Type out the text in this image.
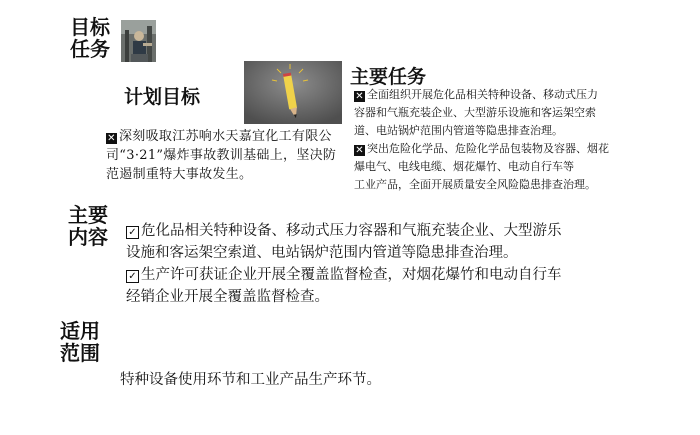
目标
任务
主要
内容
适用
范围
计划目标
✕ 深刻吸取江苏响水天嘉宜化工有限公司“3·21”爆炸事故教训基础上，坚决防范遏制重特大事故发生。
主要任务
✕ 全面组织开展危化品相关特种设备、移动式压力
容器和气瓶充装企业、大型游乐设施和客运架空索
道、电站锅炉范围内管道等隐患排查治理。
✕ 突出危险化学品、危险化学品包装物及容器、烟花
爆电气、电线电缆、烟花爆竹、电动自行车等
工业产品，全面开展质量安全风险隐患排查治理。
✓ 危化品相关特种设备、移动式压力容器和气瓶充装企业、大型游乐
设施和客运架空索道、电站锅炉范围内管道等隐患排查治理。
✓ 生产许可获证企业开展全覆盖监督检查，对烟花爆竹和电动自行车
经销企业开展全覆盖监督检查。
特种设备使用环节和工业产品生产环节。
